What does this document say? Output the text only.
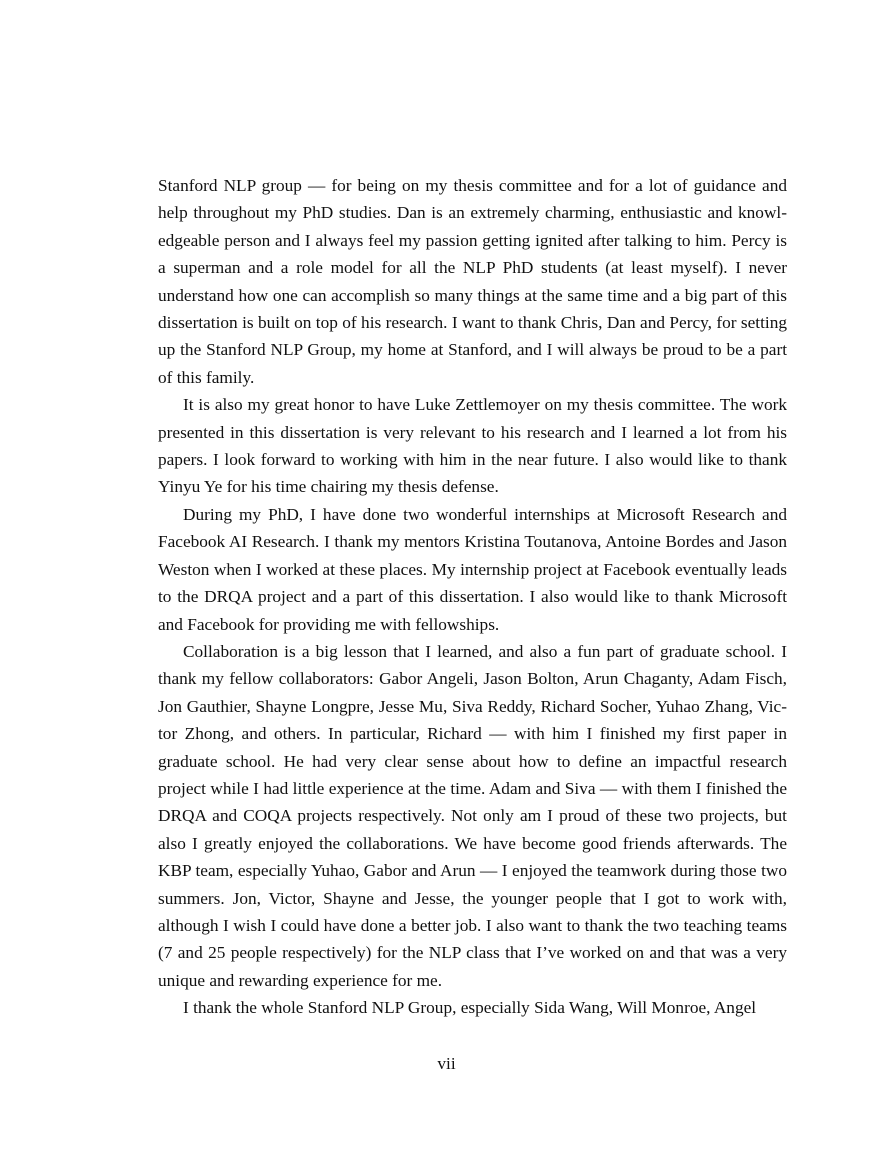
Stanford NLP group — for being on my thesis committee and for a lot of guidance and help throughout my PhD studies. Dan is an extremely charming, enthusiastic and knowledgeable person and I always feel my passion getting ignited after talking to him. Percy is a superman and a role model for all the NLP PhD students (at least myself). I never understand how one can accomplish so many things at the same time and a big part of this dissertation is built on top of his research. I want to thank Chris, Dan and Percy, for setting up the Stanford NLP Group, my home at Stanford, and I will always be proud to be a part of this family.

It is also my great honor to have Luke Zettlemoyer on my thesis committee. The work presented in this dissertation is very relevant to his research and I learned a lot from his papers. I look forward to working with him in the near future. I also would like to thank Yinyu Ye for his time chairing my thesis defense.

During my PhD, I have done two wonderful internships at Microsoft Research and Facebook AI Research. I thank my mentors Kristina Toutanova, Antoine Bordes and Jason Weston when I worked at these places. My internship project at Facebook eventually leads to the DRQA project and a part of this dissertation. I also would like to thank Microsoft and Facebook for providing me with fellowships.

Collaboration is a big lesson that I learned, and also a fun part of graduate school. I thank my fellow collaborators: Gabor Angeli, Jason Bolton, Arun Chaganty, Adam Fisch, Jon Gauthier, Shayne Longpre, Jesse Mu, Siva Reddy, Richard Socher, Yuhao Zhang, Victor Zhong, and others. In particular, Richard — with him I finished my first paper in graduate school. He had very clear sense about how to define an impactful research project while I had little experience at the time. Adam and Siva — with them I finished the DRQA and COQA projects respectively. Not only am I proud of these two projects, but also I greatly enjoyed the collaborations. We have become good friends afterwards. The KBP team, especially Yuhao, Gabor and Arun — I enjoyed the teamwork during those two summers. Jon, Victor, Shayne and Jesse, the younger people that I got to work with, although I wish I could have done a better job. I also want to thank the two teaching teams (7 and 25 people respectively) for the NLP class that I’ve worked on and that was a very unique and rewarding experience for me.

I thank the whole Stanford NLP Group, especially Sida Wang, Will Monroe, Angel

vii
